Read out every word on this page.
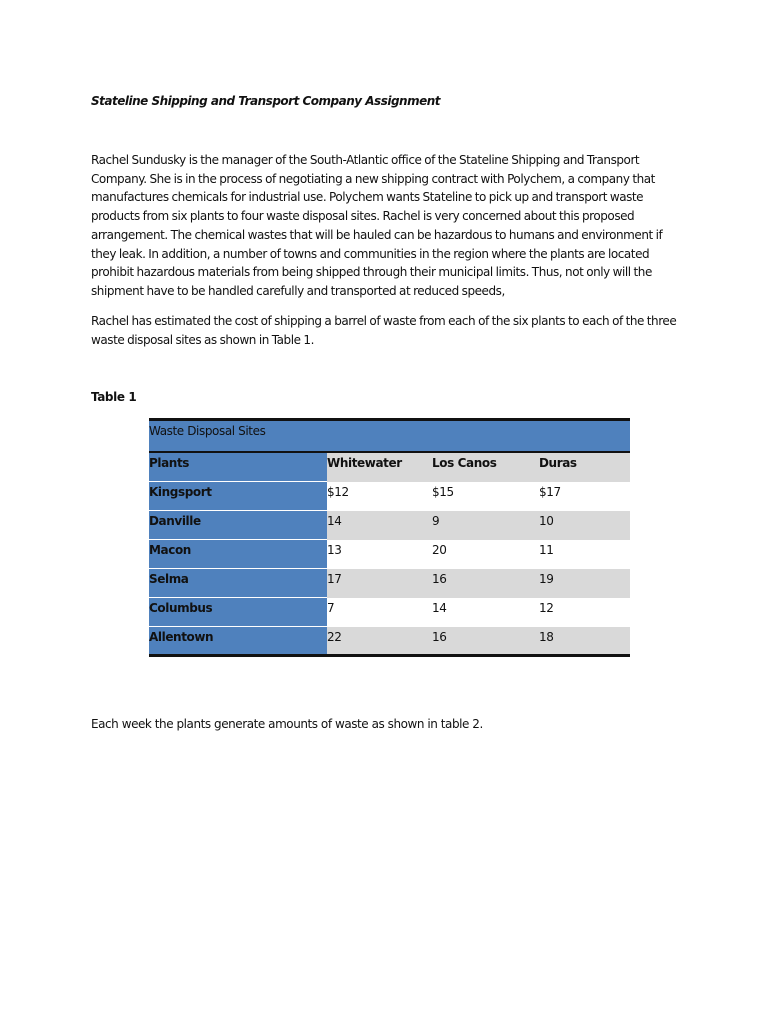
Stateline Shipping and Transport Company Assignment
Rachel Sundusky is the manager of the South-Atlantic office of the Stateline Shipping and Transport Company. She is in the process of negotiating a new shipping contract with Polychem, a company that manufactures chemicals for industrial use. Polychem wants Stateline to pick up and transport waste products from six plants to four waste disposal sites. Rachel is very concerned about this proposed arrangement. The chemical wastes that will be hauled can be hazardous to humans and environment if they leak. In addition, a number of towns and communities in the region where the plants are located prohibit hazardous materials from being shipped through their municipal limits. Thus, not only will the shipment have to be handled carefully and transported at reduced speeds,
Rachel has estimated the cost of shipping a barrel of waste from each of the six plants to each of the three waste disposal sites as shown in Table 1.
Table 1
Waste Disposal Sites			
Plants	Whitewater	Los Canos	Duras
Kingsport	$12	$15	$17
Danville	14	9	10
Macon	13	20	11
Selma	17	16	19
Columbus	7	14	12
Allentown	22	16	18
Each week the plants generate amounts of waste as shown in table 2.
